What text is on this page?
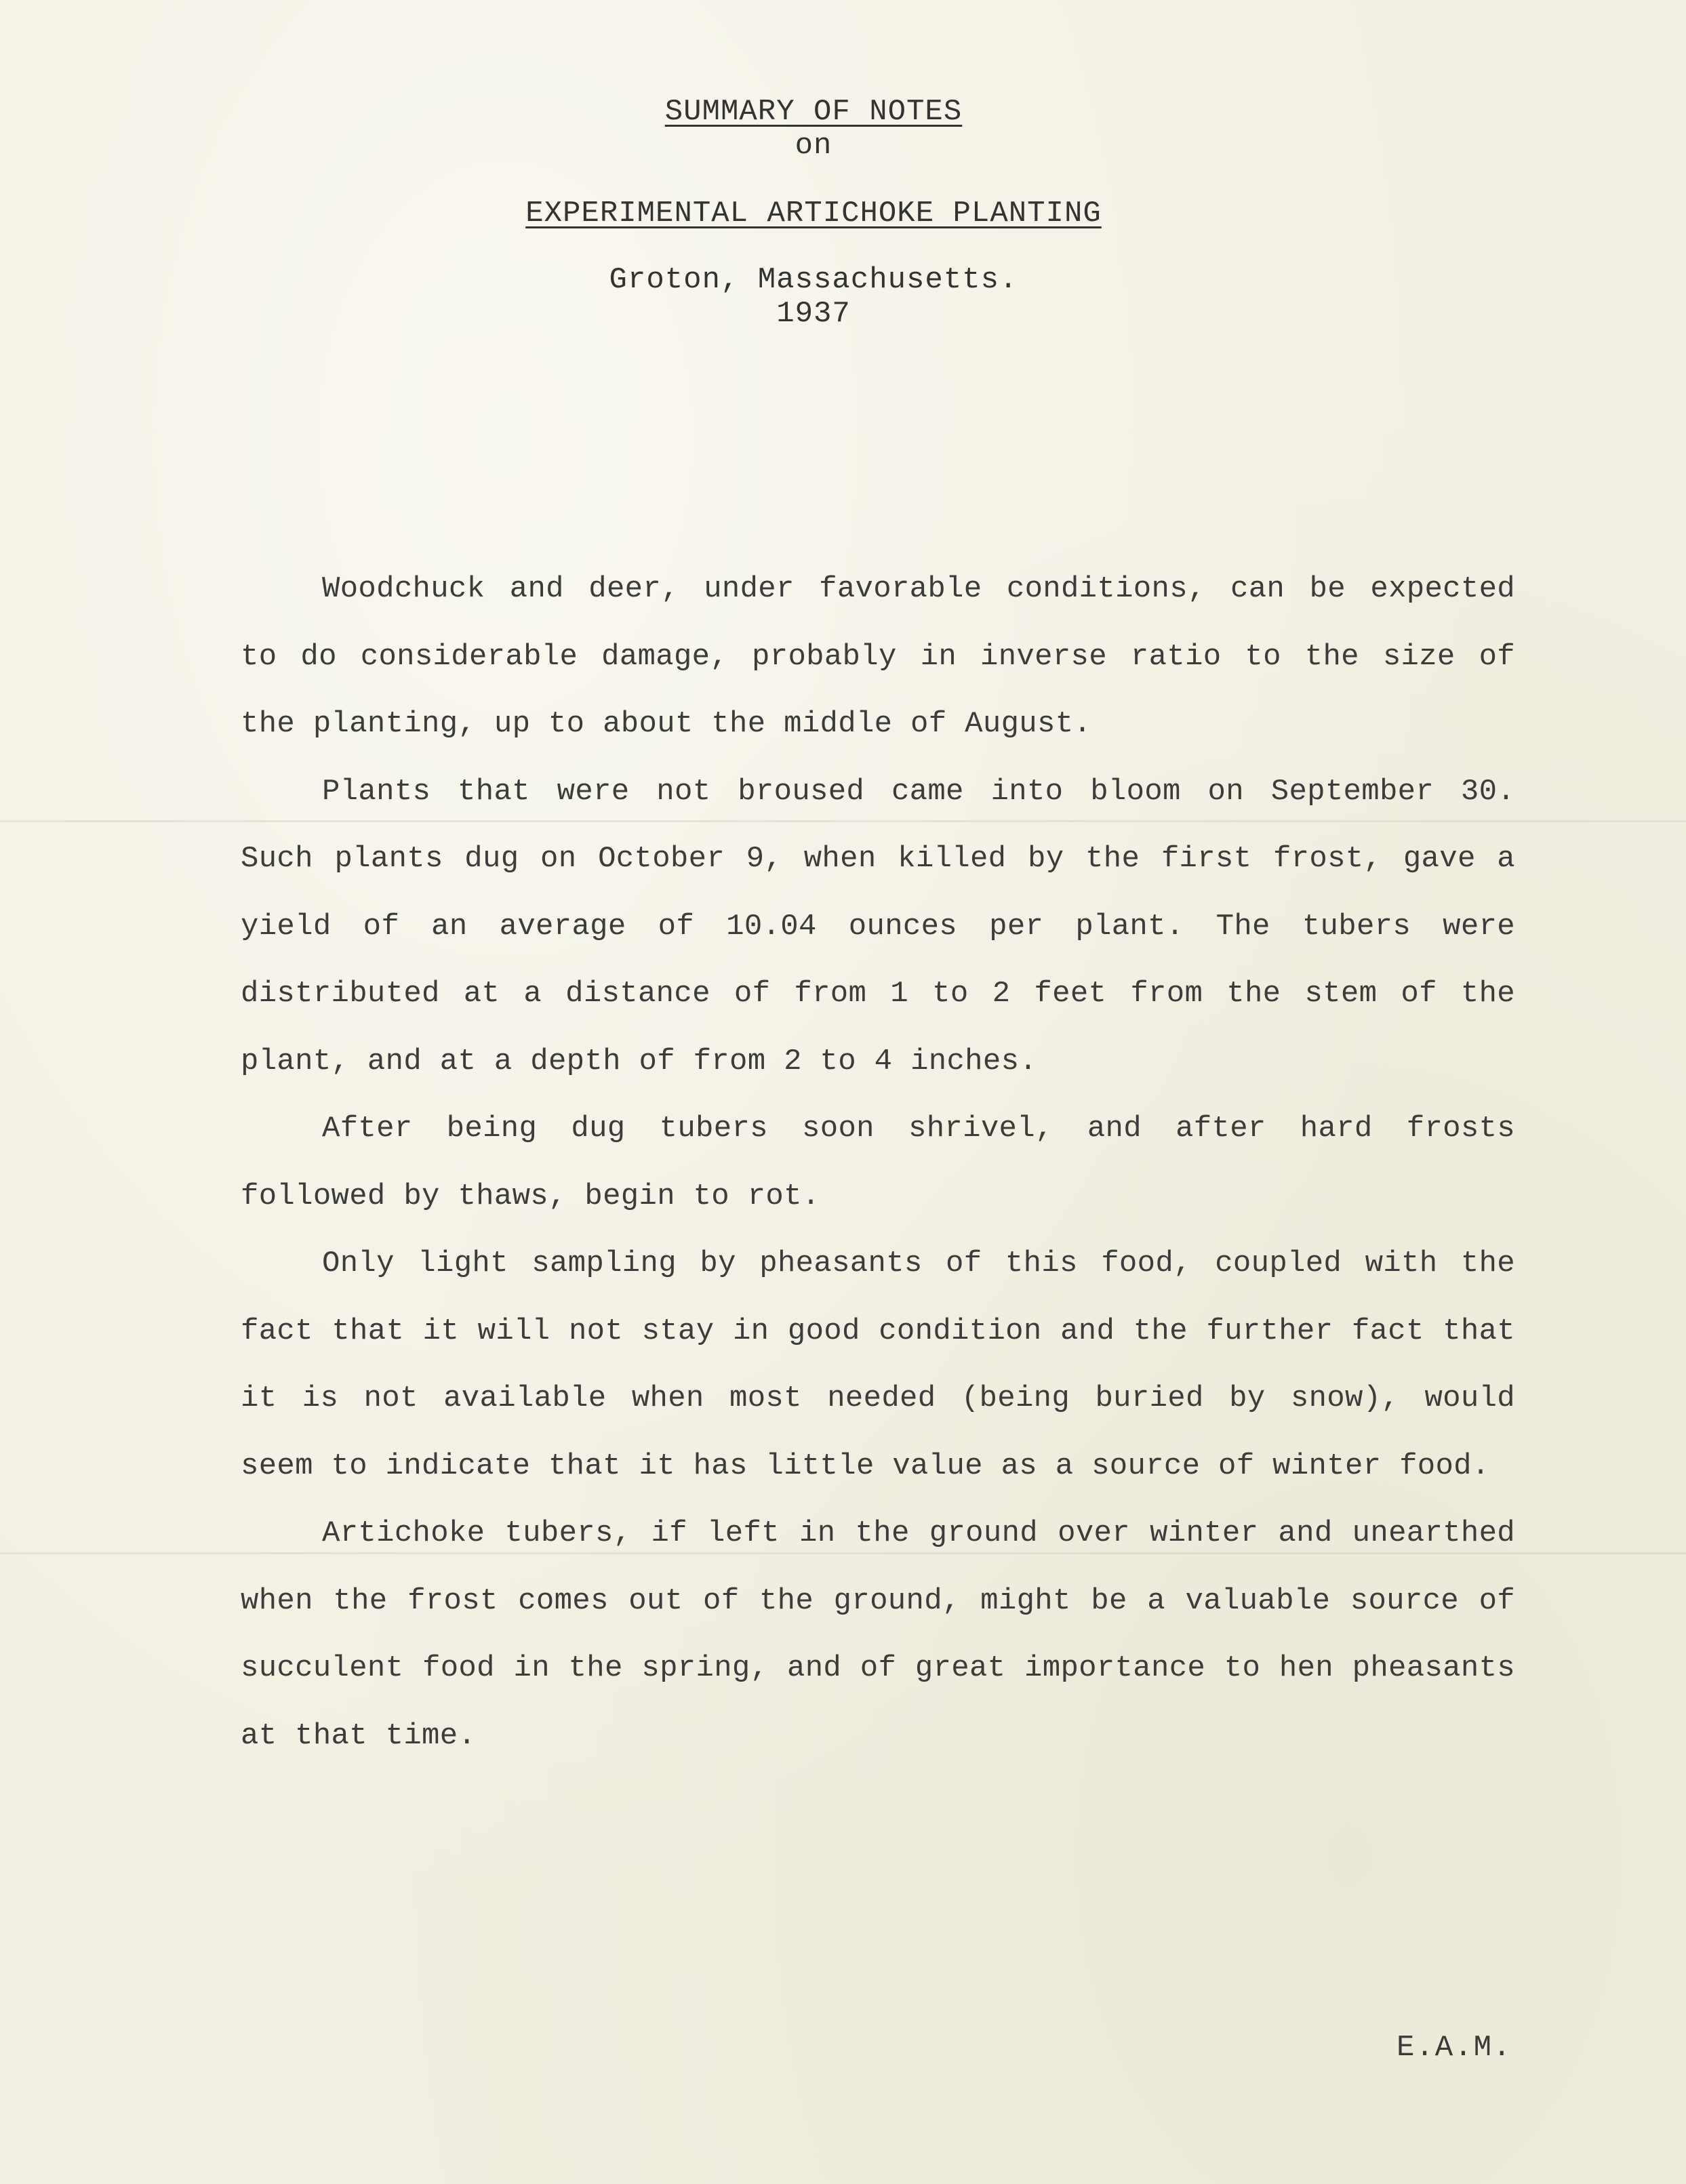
SUMMARY OF NOTES
on
EXPERIMENTAL ARTICHOKE PLANTING
Groton, Massachusetts.
1937

Woodchuck and deer, under favorable conditions, can be expected to do considerable damage, probably in inverse ratio to the size of the planting, up to about the middle of August.

Plants that were not broused came into bloom on September 30. Such plants dug on October 9, when killed by the first frost, gave a yield of an average of 10.04 ounces per plant. The tubers were distributed at a distance of from 1 to 2 feet from the stem of the plant, and at a depth of from 2 to 4 inches.

After being dug tubers soon shrivel, and after hard frosts followed by thaws, begin to rot.

Only light sampling by pheasants of this food, coupled with the fact that it will not stay in good condition and the further fact that it is not available when most needed (being buried by snow), would seem to indicate that it has little value as a source of winter food.

Artichoke tubers, if left in the ground over winter and unearthed when the frost comes out of the ground, might be a valuable source of succulent food in the spring, and of great importance to hen pheasants at that time.

E.A.M.
